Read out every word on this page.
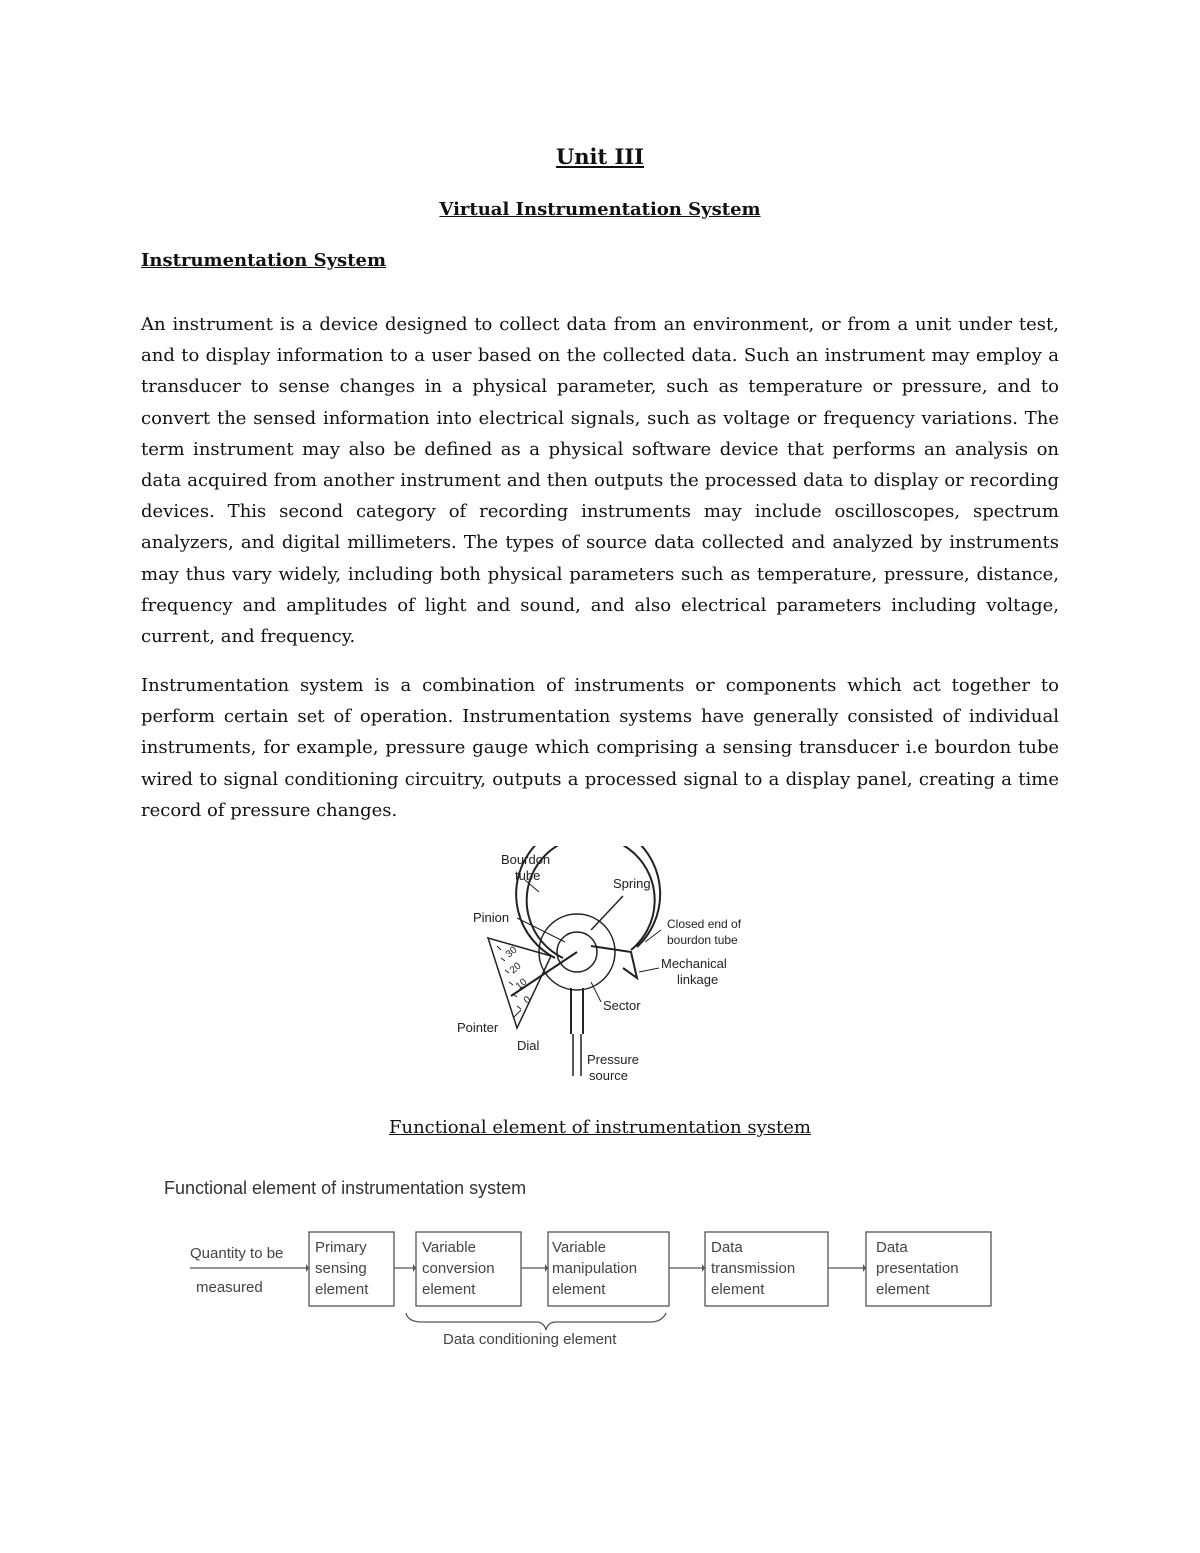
Unit III
Virtual Instrumentation System
Instrumentation System

An instrument is a device designed to collect data from an environment, or from a unit under test, and to display information to a user based on the collected data. Such an instrument may employ a transducer to sense changes in a physical parameter, such as temperature or pressure, and to convert the sensed information into electrical signals, such as voltage or frequency variations. The term instrument may also be defined as a physical software device that performs an analysis on data acquired from another instrument and then outputs the processed data to display or recording devices. This second category of recording instruments may include oscilloscopes, spectrum analyzers, and digital millimeters. The types of source data collected and analyzed by instruments may thus vary widely, including both physical parameters such as temperature, pressure, distance, frequency and amplitudes of light and sound, and also electrical parameters including voltage, current, and frequency.

Instrumentation system is a combination of instruments or components which act together to perform certain set of operation. Instrumentation systems have generally consisted of individual instruments, for example, pressure gauge which comprising a sensing transducer i.e bourdon tube wired to signal conditioning circuitry, outputs a processed signal to a display panel, creating a time record of pressure changes.

30
20
10
0
Bourdon
tube
Spring
Pinion	Closed end of
bourdon tube
Mechanical
linkage
Sector
Pointer
Dial
Pressure
source
Functional element of instrumentation system
Functional element of instrumentation system
Quantity to be
measured
Primary
sensing
element
Variable
conversion
element
Variable
manipulation
element
Data
transmission
element
Data
presentation
element
Data conditioning element
